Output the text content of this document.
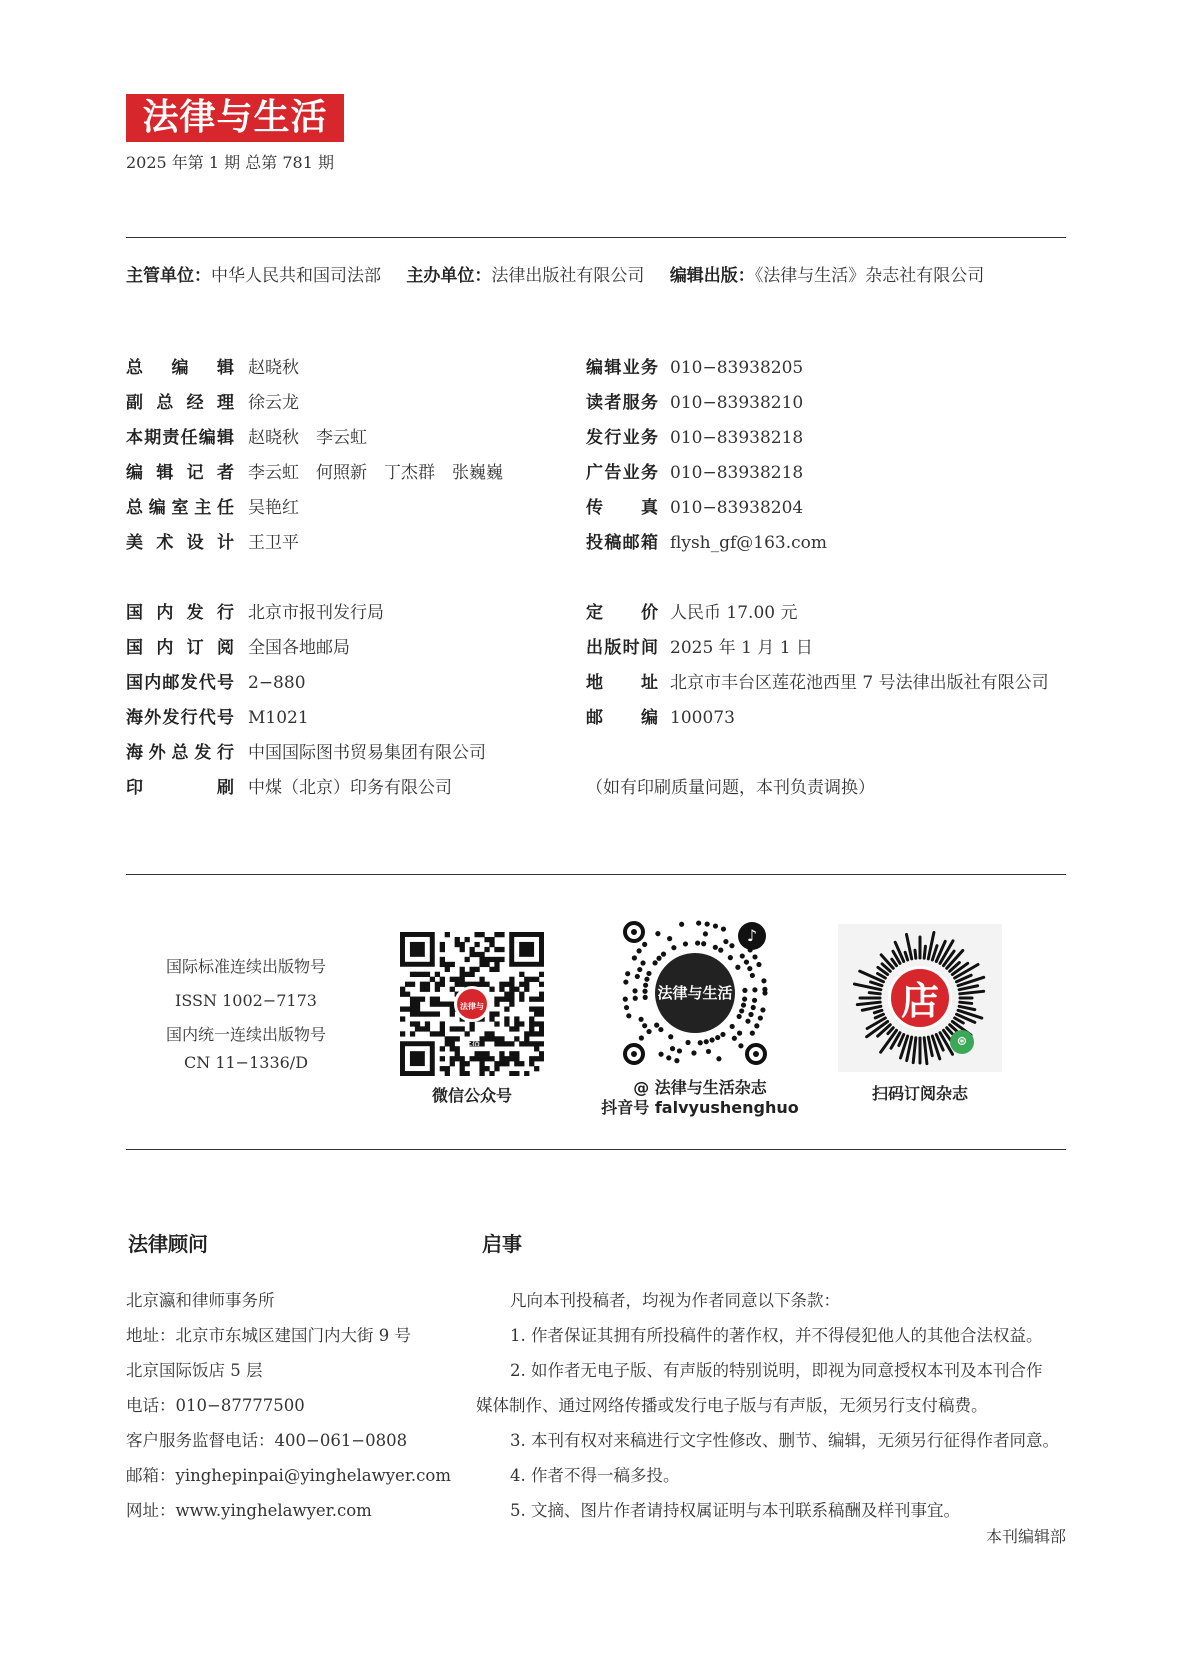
法律与生活
2025 年第 1 期 总第 781 期
主管单位：中华人民共和国司法部 主办单位：法律出版社有限公司 编辑出版：《法律与生活》杂志社有限公司
总编辑 赵晓秋
副总经理 徐云龙
本期责任编辑 赵晓秋　李云虹
编辑记者 李云虹　何照新　丁杰群　张巍巍
总编室主任 吴艳红
美术设计 王卫平
编辑业务 010−83938205
读者服务 010−83938210
发行业务 010−83938218
广告业务 010−83938218
传真 010−83938204
投稿邮箱 flysh_gf@163.com
国内发行 北京市报刊发行局
国内订阅 全国各地邮局
国内邮发代号 2−880
海外发行代号 M1021
海外总发行 中国国际图书贸易集团有限公司
印刷 中煤（北京）印务有限公司
定价 人民币 17.00 元
出版时间 2025 年 1 月 1 日
地址 北京市丰台区莲花池西里 7 号法律出版社有限公司
邮编 100073
（如有印刷质量问题，本刊负责调换）
国际标准连续出版物号
ISSN 1002−7173
国内统一连续出版物号
CN 11−1336/D
法律与生活
微信公众号
法律与生活
♪
@ 法律与生活杂志
抖音号 falvyushenghuo
店
⊛
扫码订阅杂志
法律顾问
北京瀛和律师事务所
地址：北京市东城区建国门内大街 9 号
北京国际饭店 5 层
电话：010−87777500
客户服务监督电话：400−061−0808
邮箱：yinghepinpai@yinghelawyer.com
网址：www.yinghelawyer.com
启事
凡向本刊投稿者，均视为作者同意以下条款：
1. 作者保证其拥有所投稿件的著作权，并不得侵犯他人的其他合法权益。
2. 如作者无电子版、有声版的特别说明，即视为同意授权本刊及本刊合作
媒体制作、通过网络传播或发行电子版与有声版，无须另行支付稿费。
3. 本刊有权对来稿进行文字性修改、删节、编辑，无须另行征得作者同意。
4. 作者不得一稿多投。
5. 文摘、图片作者请持权属证明与本刊联系稿酬及样刊事宜。
本刊编辑部
